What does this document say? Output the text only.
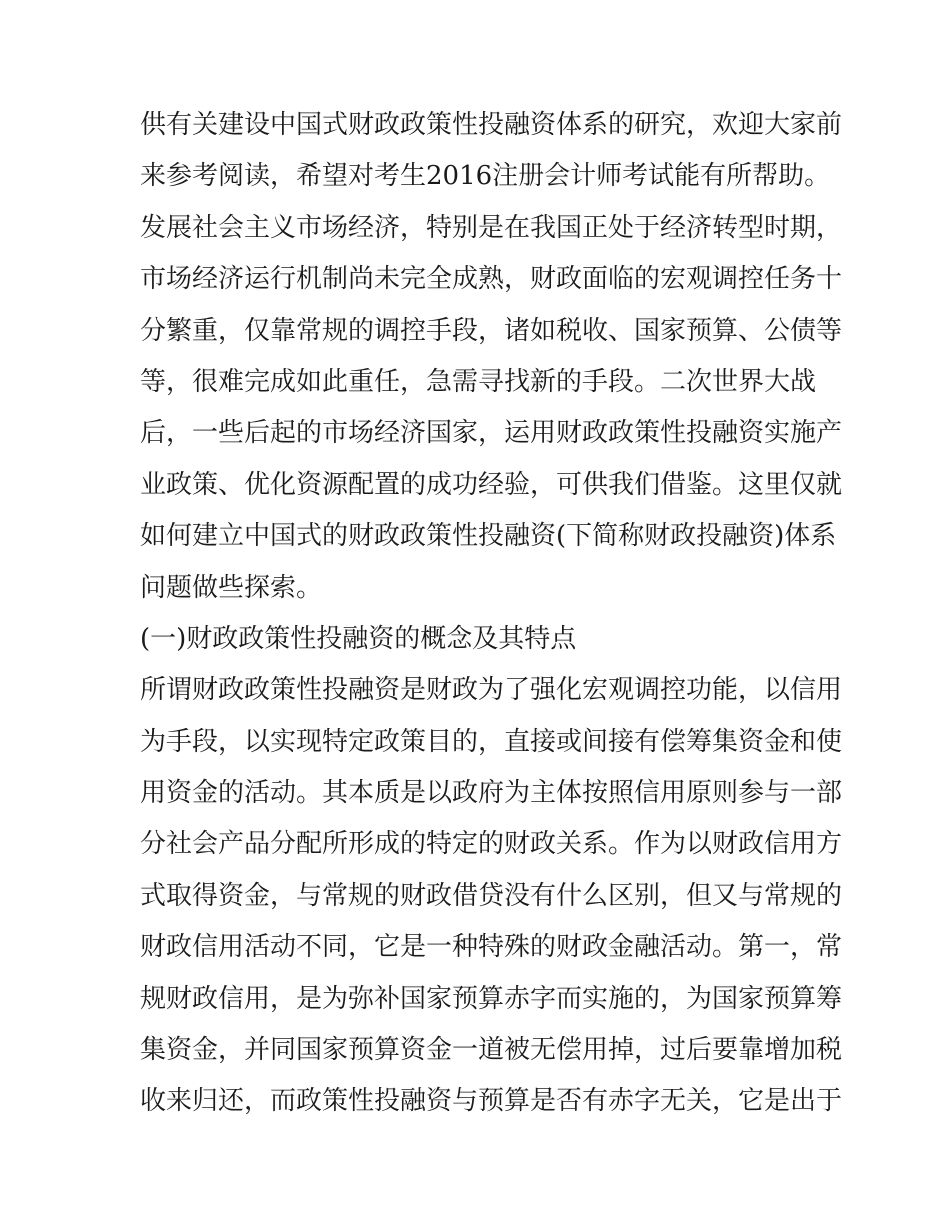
供有关建设中国式财政政策性投融资体系的研究，欢迎大家前
来参考阅读，希望对考生2016注册会计师考试能有所帮助。
发展社会主义市场经济，特别是在我国正处于经济转型时期，
市场经济运行机制尚未完全成熟，财政面临的宏观调控任务十
分繁重，仅靠常规的调控手段，诸如税收、国家预算、公债等
等，很难完成如此重任，急需寻找新的手段。二次世界大战
后，一些后起的市场经济国家，运用财政政策性投融资实施产
业政策、优化资源配置的成功经验，可供我们借鉴。这里仅就
如何建立中国式的财政政策性投融资(下简称财政投融资)体系
问题做些探索。
(一)财政政策性投融资的概念及其特点
所谓财政政策性投融资是财政为了强化宏观调控功能，以信用
为手段，以实现特定政策目的，直接或间接有偿筹集资金和使
用资金的活动。其本质是以政府为主体按照信用原则参与一部
分社会产品分配所形成的特定的财政关系。作为以财政信用方
式取得资金，与常规的财政借贷没有什么区别，但又与常规的
财政信用活动不同，它是一种特殊的财政金融活动。第一，常
规财政信用，是为弥补国家预算赤字而实施的，为国家预算筹
集资金，并同国家预算资金一道被无偿用掉，过后要靠增加税
收来归还，而政策性投融资与预算是否有赤字无关，它是出于
